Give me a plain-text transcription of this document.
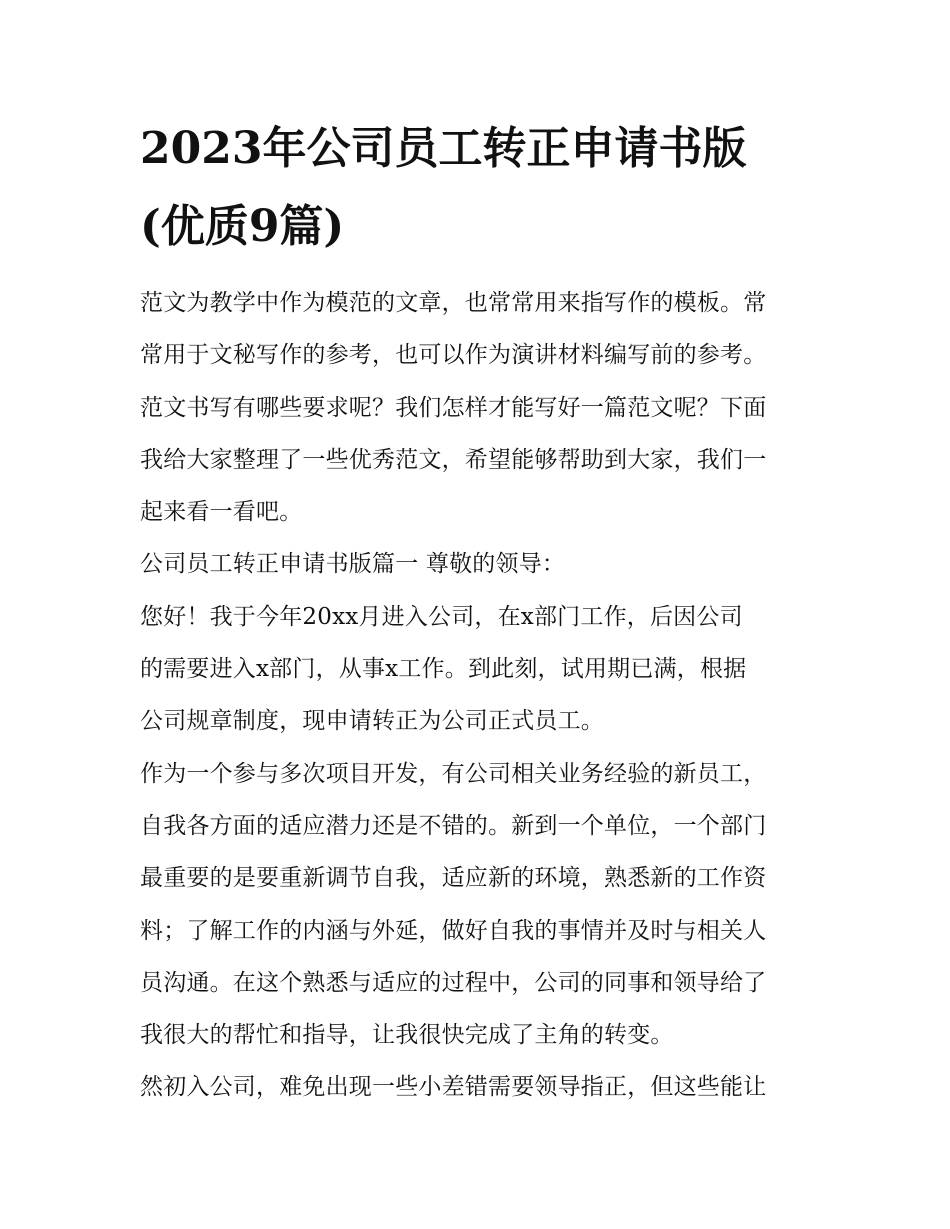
2023年公司员工转正申请书版
(优质9篇)
范文为教学中作为模范的文章，也常常用来指写作的模板。常
常用于文秘写作的参考，也可以作为演讲材料编写前的参考。
范文书写有哪些要求呢？我们怎样才能写好一篇范文呢？下面
我给大家整理了一些优秀范文，希望能够帮助到大家，我们一
起来看一看吧。
公司员工转正申请书版篇一 尊敬的领导：
您好！我于今年20xx月进入公司，在x部门工作，后因公司
的需要进入x部门，从事x工作。到此刻，试用期已满，根据
公司规章制度，现申请转正为公司正式员工。
作为一个参与多次项目开发，有公司相关业务经验的新员工，
自我各方面的适应潜力还是不错的。新到一个单位，一个部门
最重要的是要重新调节自我，适应新的环境，熟悉新的工作资
料；了解工作的内涵与外延，做好自我的事情并及时与相关人
员沟通。在这个熟悉与适应的过程中，公司的同事和领导给了
我很大的帮忙和指导，让我很快完成了主角的转变。
然初入公司，难免出现一些小差错需要领导指正，但这些能让
